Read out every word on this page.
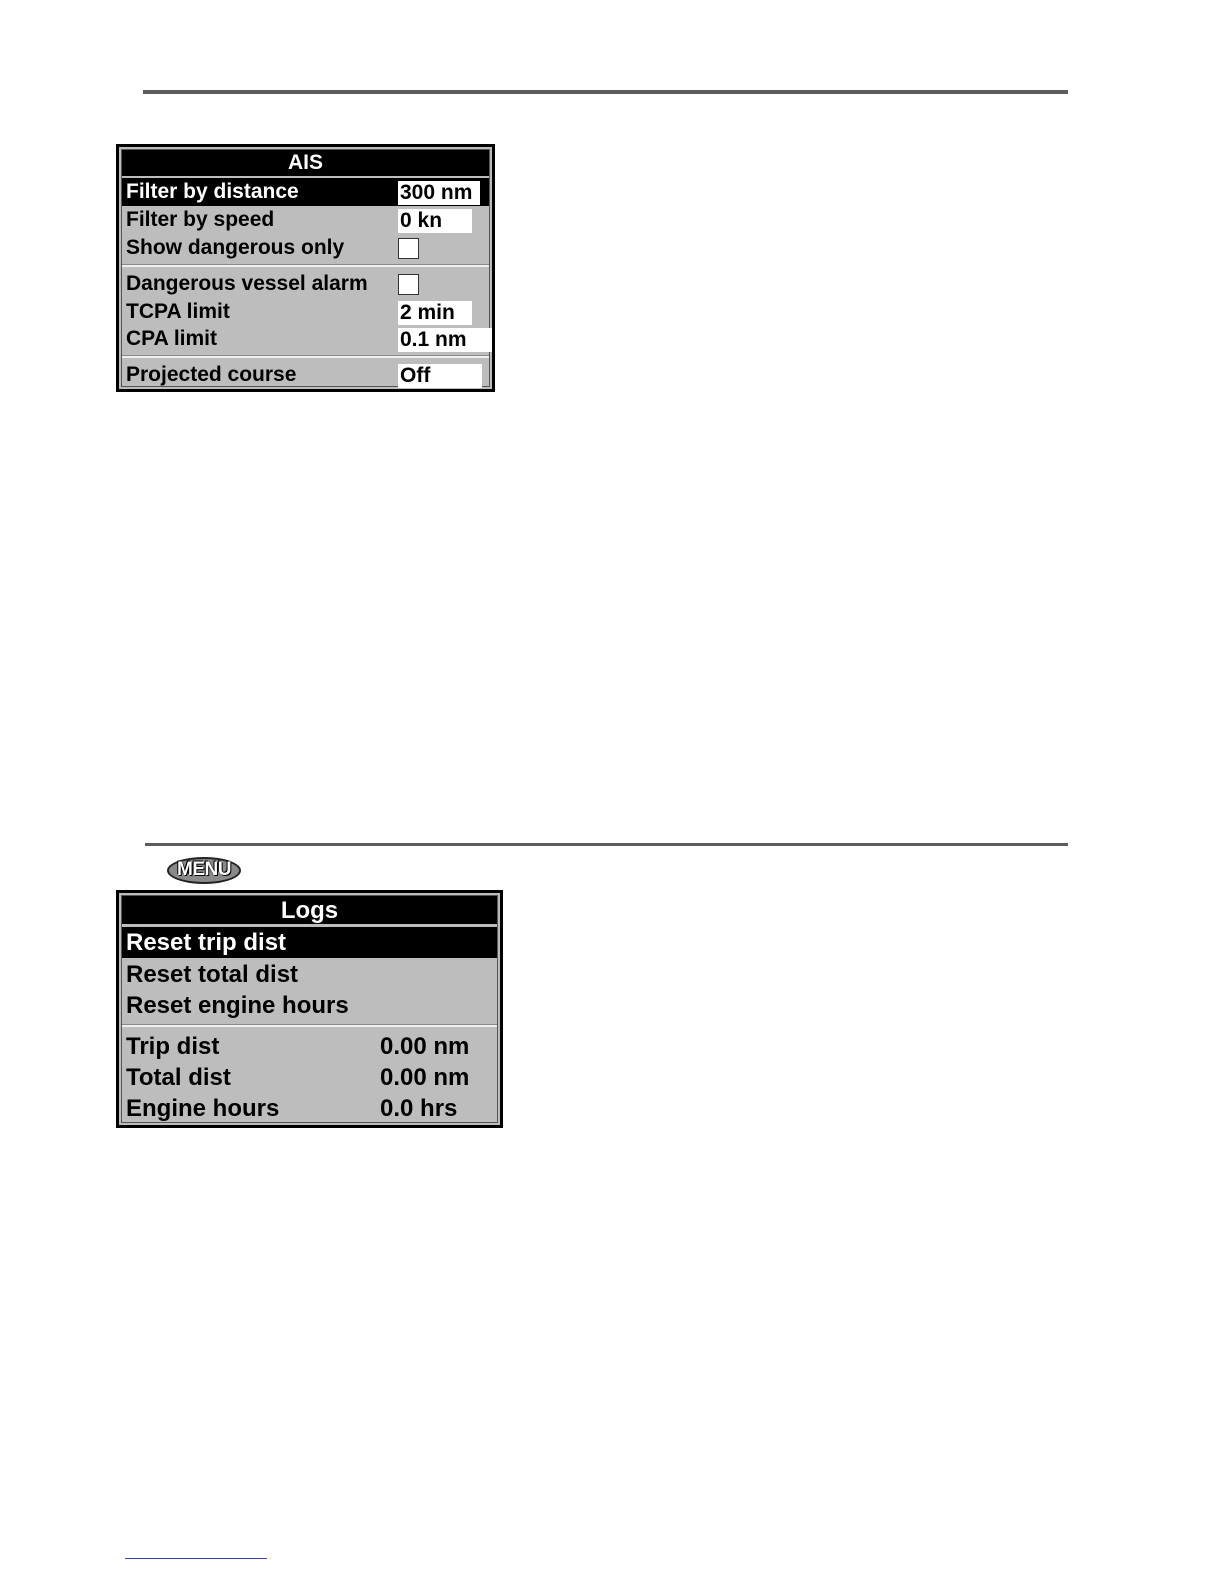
AIS
Filter by distance	300 nm
Filter by speed	0 kn
Show dangerous only
Dangerous vessel alarm
TCPA limit	2 min
CPA limit	0.1 nm
Projected course	Off
MENU
Logs
Reset trip dist
Reset total dist
Reset engine hours
Trip dist	0.00 nm
Total dist	0.00 nm
Engine hours	0.0 hrs
